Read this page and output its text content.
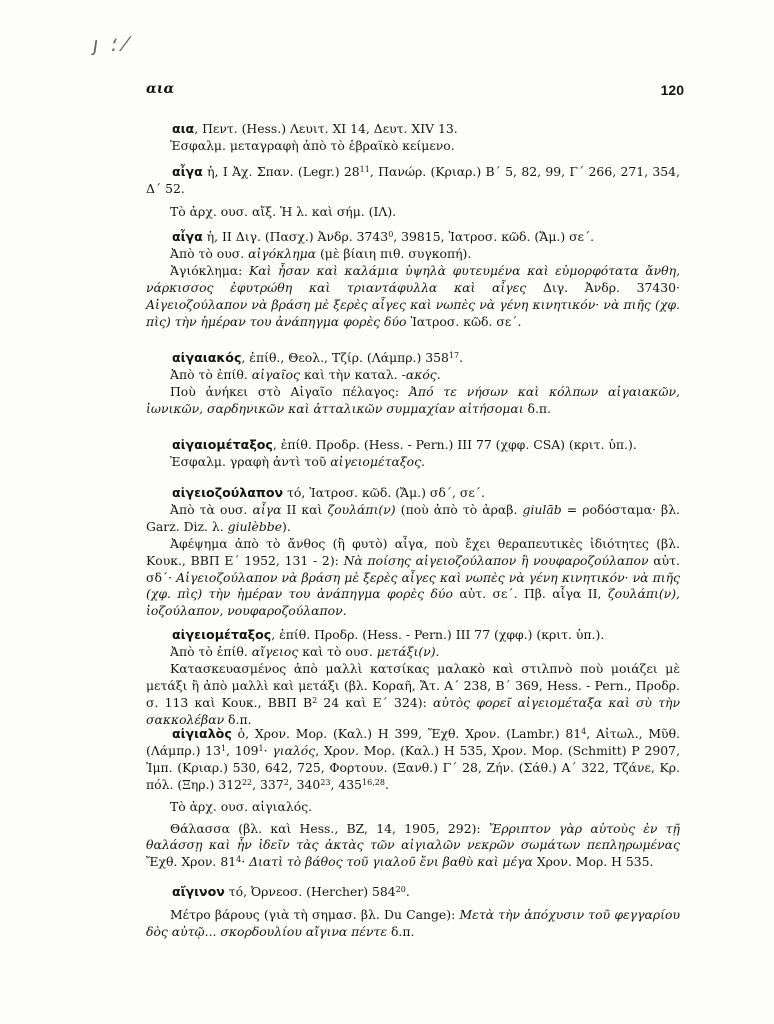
ȷ ؛ ⁄
αια	120
αια, Πεντ. (Hess.) Λευιτ. XI 14, Δευτ. XIV 13.
Ἐσφαλμ. μεταγραφὴ ἀπὸ τὸ ἑβραϊκὸ κείμενο.
αἶγα ἡ, Ι Ἀχ. Σπαν. (Legr.) $28^{11}$, Πανώρ. (Κριαρ.) Β΄ 5, 82, 99, Γ΄ 266, 271, 354, Δ΄ 52.
Τὸ ἀρχ. ουσ. αἴξ. Ἡ λ. καὶ σήμ. (ΙΛ).
αἶγα ἡ, ΙΙ Διγ. (Πασχ.) Ἀνδρ. 3743$^0$, 39815, Ἰατροσ. κῶδ. (Ἄμ.) σε΄.
Ἀπὸ τὸ ουσ. αἰγόκλημα (μὲ βίαιη πιθ. συγκοπή).
Ἁγιόκλημα: Καὶ ἦσαν καὶ καλάμια ὑψηλὰ φυτευμένα καὶ εὐμορφότατα ἄνθη, νάρκισσος ἐφυτρώθη καὶ τριαντάφυλλα καὶ αἶγες Διγ. Ἀνδρ. 37430· Αἰγειοζούλαπον νὰ βράση μὲ ξερὲς αἶγες καὶ νωπὲς νὰ γένη κινητικόν· νὰ πιῆς (χφ. πὶς) τὴν ἡμέραν του ἀνάπηγμα φορὲς δύο Ἰατροσ. κῶδ. σε΄.
αἰγαιακός, ἐπίθ., Θεολ., Τζίρ. (Λάμπρ.) $358^{17}$.
Ἀπὸ τὸ ἐπίθ. αἰγαῖος καὶ τὴν καταλ. -ακός.
Ποὺ ἀνήκει στὸ Αἰγαῖο πέλαγος: Ἀπό τε νήσων καὶ κόλπων αἰγαιακῶν, ἰωνικῶν, σαρδηνικῶν καὶ ἀτταλικῶν συμμαχίαν αἰτήσομαι δ.π.
αἰγαιομέταξος, ἐπίθ. Προδρ. (Hess. - Pern.) III 77 (χφφ. CSA) (κριτ. ὑπ.).
Ἐσφαλμ. γραφὴ ἀντὶ τοῦ αἰγειομέταξος.
αἰγειοζούλαπον τό, Ἰατροσ. κῶδ. (Ἄμ.) σδ΄, σε΄.
Ἀπὸ τὰ ουσ. αἶγα II καὶ ζουλάπι(ν) (ποὺ ἀπὸ τὸ ἀραβ. giulāb = ροδόσταμα· βλ. Garz. Diz. λ. giulèbbe).
Ἀφέψημα ἀπὸ τὸ ἄνθος (ἢ φυτὸ) αἶγα, ποὺ ἔχει θεραπευτικὲς ἰδιότητες (βλ. Κουκ., ΒΒΠ Ε΄ 1952, 131 - 2): Νὰ ποίσης αἰγειοζούλαπον ἢ νουφαροζούλαπον αὐτ. σδ΄· Αἰγειοζούλαπον νὰ βράση μὲ ξερὲς αἶγες καὶ νωπὲς νὰ γένη κινητικόν· νὰ πιῆς (χφ. πὶς) τὴν ἡμέραν του ἀνάπηγμα φορὲς δύο αὐτ. σε΄. Πβ. αἶγα II, ζουλάπι(ν), ἰοζούλαπον, νουφαροζούλαπον.
αἰγειομέταξος, ἐπίθ. Προδρ. (Hess. - Pern.) III 77 (χφφ.) (κριτ. ὑπ.).
Ἀπὸ τὸ ἐπίθ. αἴγειος καὶ τὸ ουσ. μετάξι(ν).
Κατασκευασμένος ἀπὸ μαλλὶ κατσίκας μαλακὸ καὶ στιλπνὸ ποὺ μοιάζει μὲ μετάξι ἢ ἀπὸ μαλλὶ καὶ μετάξι (βλ. Κοραῆ, Ἄτ. Α΄ 238, Β΄ 369, Hess. - Pern., Προδρ. σ. 113 καὶ Κουκ., ΒΒΠ $B^2$ 24 καὶ Ε΄ 324): αὐτὸς φορεῖ αἰγειομέταξα καὶ σὺ τὴν σακκολέβαν δ.π.
αἰγιαλὸς ὁ, Χρον. Μορ. (Καλ.) Η 399, Ἔχθ. Χρον. (Lambr.) $81^4$, Αἰτωλ., Μῦθ. (Λάμπρ.) $13^1$, $109^1\cdot \gamma\iota\alpha\lambda ό\varsigma$, Χρον. Μορ. (Καλ.) Η 535, Χρον. Μορ. (Schmitt) P 2907, Ἰμπ. (Κριαρ.) 530, 642, 725, Φορτουν. (Ξανθ.) Γ΄ 28, Ζήν. (Σάθ.) Α΄ 322, Τζάνε, Κρ. πόλ. (Ξηρ.) $312^{22}$, $337^2$, $340^{23}$, 435$^{16,28}$.
Τὸ ἀρχ. ουσ. αἰγιαλός.
Θάλασσα (βλ. καὶ Hess., BZ, 14, 1905, 292): Ἔρριπτον γὰρ αὐτοὺς ἐν τῇ θαλάσσῃ καὶ ἦν ἰδεῖν τὰς ἀκτὰς τῶν αἰγιαλῶν νεκρῶν σωμάτων πεπληρωμένας Ἔχθ. Χρον. $81^4\cdot$ Διατὶ τὸ βάθος τοῦ γιαλοῦ ἔνι βαθὺ καὶ μέγα Χρον. Μορ. Η 535.
αἴγινον τό, Ὀρνεοσ. (Hercher) $584^{20}$.
Μέτρο βάρους (γιὰ τὴ σημασ. βλ. Du Cange): Μετὰ τὴν ἀπόχυσιν τοῦ φεγγαρίου δὸς αὐτῷ... σκορδουλίου αἴγινα πέντε δ.π.
